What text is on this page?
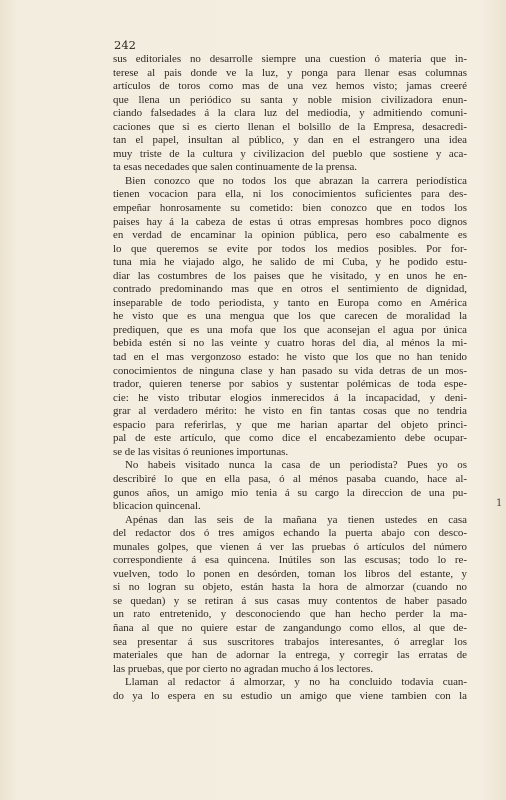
242

sus editoriales no desarrolle siempre una cuestion ó materia que in-
terese al pais donde ve la luz, y ponga para llenar esas columnas
artículos de toros como mas de una vez hemos visto; jamas creeré
que llena un periódico su santa y noble mision civilizadora enun-
ciando falsedades á la clara luz del mediodia, y admitiendo comuni-
caciones que si es cierto llenan el bolsillo de la Empresa, desacredi-
tan el papel, insultan al público, y dan en el estrangero una idea
muy triste de la cultura y civilizacion del pueblo que sostiene y aca-
ta esas necedades que salen continuamente de la prensa.
Bien conozco que no todos los que abrazan la carrera periodística
tienen vocacion para ella, ni los conocimientos suficientes para des-
empeñar honrosamente su cometido: bien conozco que en todos los
paises hay á la cabeza de estas ú otras empresas hombres poco dignos
en verdad de encaminar la opinion pública, pero eso cabalmente es
lo que queremos se evite por todos los medios posibles. Por for-
tuna mia he viajado algo, he salido de mi Cuba, y he podido estu-
diar las costumbres de los paises que he visitado, y en unos he en-
contrado predominando mas que en otros el sentimiento de dignidad,
inseparable de todo periodista, y tanto en Europa como en América
he visto que es una mengua que los que carecen de moralidad la
prediquen, que es una mofa que los que aconsejan el agua por única
bebida estén si no las veinte y cuatro horas del dia, al ménos la mi-
tad en el mas vergonzoso estado: he visto que los que no han tenido
conocimientos de ninguna clase y han pasado su vida detras de un mos-
trador, quieren tenerse por sabios y sustentar polémicas de toda espe-
cie: he visto tributar elogios inmerecidos á la incapacidad, y deni-
grar al verdadero mérito: he visto en fin tantas cosas que no tendria
espacio para referirlas, y que me harian apartar del objeto princi-
pal de este artículo, que como dice el encabezamiento debe ocupar-
se de las visitas ó reuniones importunas.
No habeis visitado nunca la casa de un periodista? Pues yo os
describiré lo que en ella pasa, ó al ménos pasaba cuando, hace al-
gunos años, un amigo mio tenia á su cargo la direccion de una pu-
blicacion quincenal.
Apénas dan las seis de la mañana ya tienen ustedes en casa
del redactor dos ó tres amigos echando la puerta abajo con desco-
munales golpes, que vienen á ver las pruebas ó artículos del número
correspondiente á esa quincena. Inútiles son las escusas; todo lo re-
vuelven, todo lo ponen en desórden, toman los libros del estante, y
si no logran su objeto, están hasta la hora de almorzar (cuando no
se quedan) y se retiran á sus casas muy contentos de haber pasado
un rato entretenido, y desconociendo que han hecho perder la ma-
ñana al que no quiere estar de zangandungo como ellos, al que de-
sea presentar á sus suscritores trabajos interesantes, ó arreglar los
materiales que han de adornar la entrega, y corregir las erratas de
las pruebas, que por cierto no agradan mucho á los lectores.
Llaman al redactor á almorzar, y no ha concluido todavia cuan-
do ya lo espera en su estudio un amigo que viene tambien con la
1
